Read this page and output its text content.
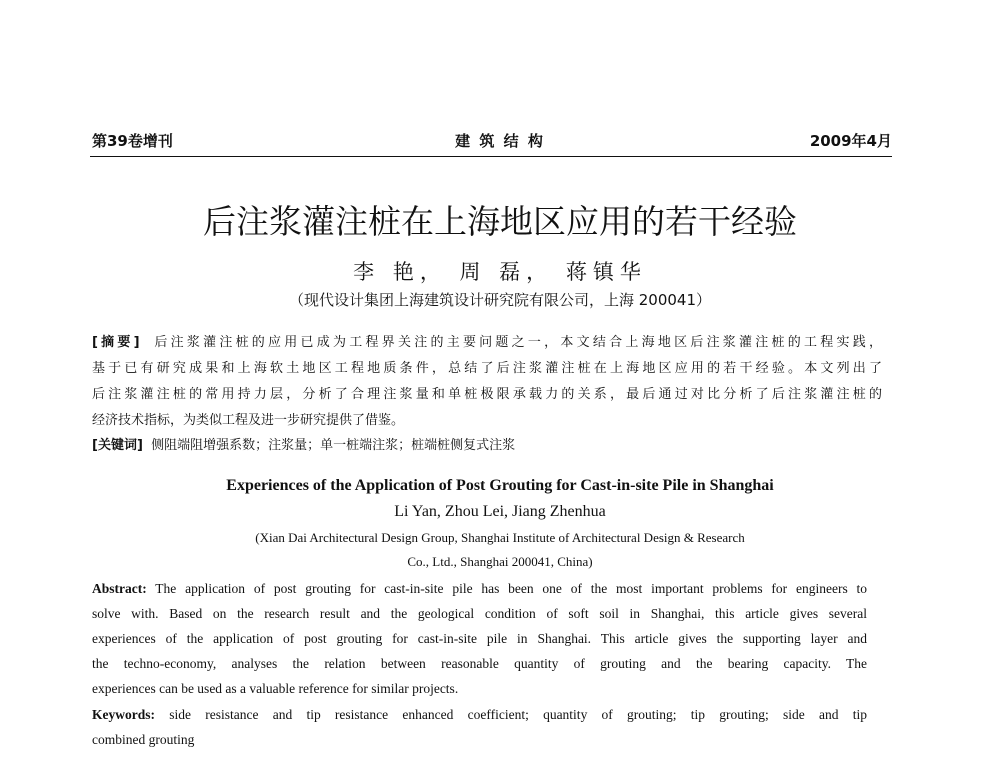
第39卷增刊	建 筑 结 构	2009年4月
后注浆灌注桩在上海地区应用的若干经验
李 艳， 周 磊， 蒋镇华
（现代设计集团上海建筑设计研究院有限公司，上海 200041）
[摘要] 后注浆灌注桩的应用已成为工程界关注的主要问题之一，本文结合上海地区后注浆灌注桩的工程实践，
基于已有研究成果和上海软土地区工程地质条件，总结了后注浆灌注桩在上海地区应用的若干经验。本文列出了
后注浆灌注桩的常用持力层，分析了合理注浆量和单桩极限承载力的关系，最后通过对比分析了后注浆灌注桩的
经济技术指标，为类似工程及进一步研究提供了借鉴。
[关键词] 侧阻端阻增强系数；注浆量；单一桩端注浆；桩端桩侧复式注浆
Experiences of the Application of Post Grouting for Cast-in-site Pile in Shanghai
Li Yan, Zhou Lei, Jiang Zhenhua
(Xian Dai Architectural Design Group, Shanghai Institute of Architectural Design & Research
Co., Ltd., Shanghai 200041, China)
Abstract: The application of post grouting for cast-in-site pile has been one of the most important problems for engineers to
solve with. Based on the research result and the geological condition of soft soil in Shanghai, this article gives several
experiences of the application of post grouting for cast-in-site pile in Shanghai. This article gives the supporting layer and
the techno-economy, analyses the relation between reasonable quantity of grouting and the bearing capacity. The
experiences can be used as a valuable reference for similar projects.
Keywords: side resistance and tip resistance enhanced coefficient; quantity of grouting; tip grouting; side and tip
combined grouting
